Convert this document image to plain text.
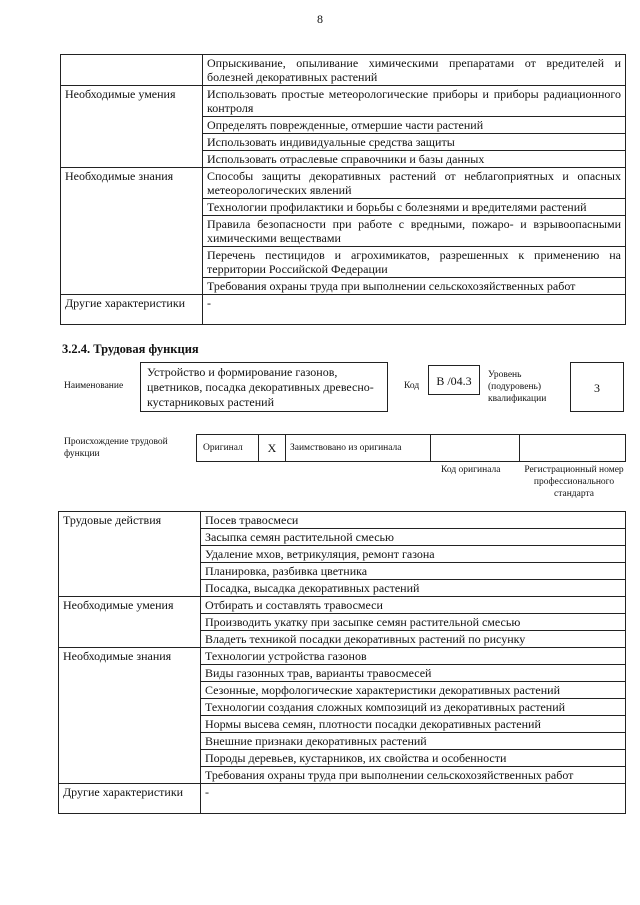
8
	Опрыскивание, опыливание химическими препаратами от вредителей и болезней декоративных растений
Необходимые умения	Использовать простые метеорологические приборы и приборы радиационного контроля
	Определять поврежденные, отмершие части растений
	Использовать индивидуальные средства защиты
	Использовать отраслевые справочники и базы данных
Необходимые знания	Способы защиты декоративных растений от неблагоприятных и опасных метеорологических явлений
	Технологии профилактики и борьбы с болезнями и вредителями растений
	Правила безопасности при работе с вредными, пожаро- и взрывоопасными химическими веществами
	Перечень пестицидов и агрохимикатов, разрешенных к применению на территории Российской Федерации
	Требования охраны труда при выполнении сельскохозяйственных работ
Другие характеристики	-
3.2.4. Трудовая функция
Наименование
Устройство и формирование газонов, цветников, посадка декоративных древесно-кустарниковых растений
Код	B /04.3	Уровень (подуровень) квалификации
3
Происхождение трудовой функции
Оригинал	X	Заимствовано из оригинала
Код оригинала	Регистрационный номер профессионального стандарта
Трудовые действия	Посев травосмеси
	Засыпка семян растительной смесью
	Удаление мхов, ветрикуляция, ремонт газона
	Планировка, разбивка цветника
	Посадка, высадка декоративных растений
Необходимые умения	Отбирать и составлять травосмеси
	Производить укатку при засыпке семян растительной смесью
	Владеть техникой посадки декоративных растений по рисунку
Необходимые знания	Технологии устройства газонов
	Виды газонных трав, варианты травосмесей
	Сезонные, морфологические характеристики декоративных растений
	Технологии создания сложных композиций из декоративных растений
	Нормы высева семян, плотности посадки декоративных растений
	Внешние признаки декоративных растений
	Породы деревьев, кустарников, их свойства и особенности
	Требования охраны труда при выполнении сельскохозяйственных работ
Другие характеристики	-
